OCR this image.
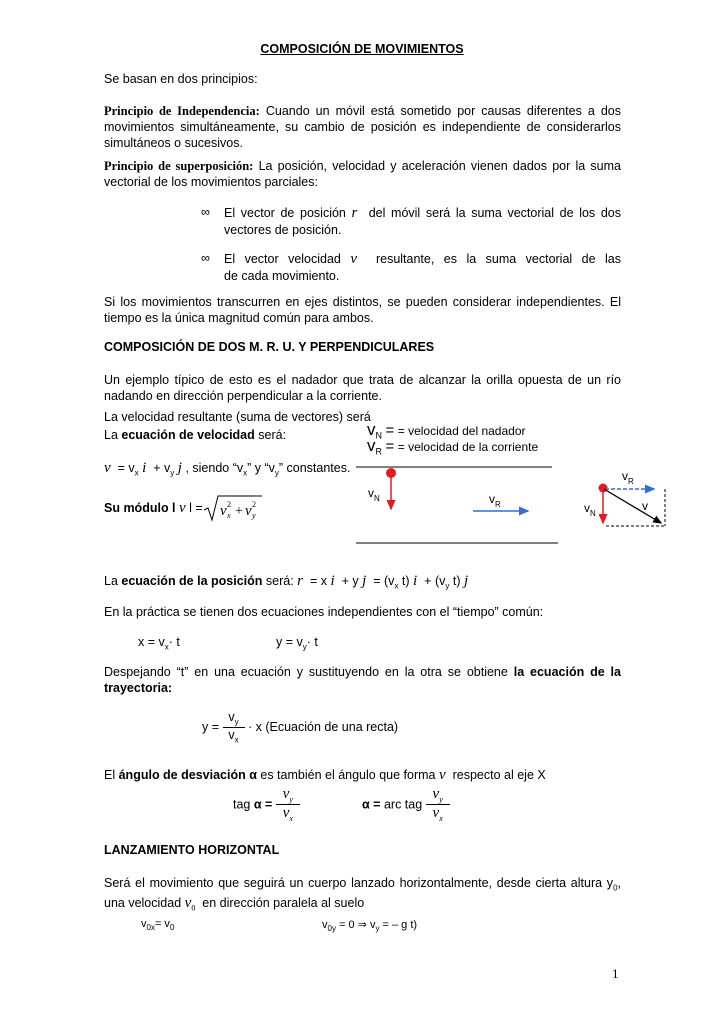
COMPOSICIÓN DE MOVIMIENTOS
Se basan en dos principios:
Principio de Independencia: Cuando un móvil está sometido por causas diferentes a dos
movimientos simultáneamente, su cambio de posición es independiente de considerarlos
simultáneos o sucesivos.
Principio de superposición: La posición, velocidad y aceleración vienen dados por la suma
vectorial de los movimientos parciales:
∞ El vector de posición r del móvil será la suma vectorial de los dos
vectores de posición.
∞ El vector velocidad v resultante, es la suma vectorial de las
de cada movimiento.
Si los movimientos transcurren en ejes distintos, se pueden considerar independientes. El
tiempo es la única magnitud común para ambos.
COMPOSICIÓN DE DOS M. R. U. Y PERPENDICULARES
Un ejemplo típico de esto es el nadador que trata de alcanzar la orilla opuesta de un río
nadando en dirección perpendicular a la corriente.
La velocidad resultante (suma de vectores) será
$v_N$ = = velocidad del nadador
$v_R$ = = velocidad de la corriente
La ecuación de velocidad será:
$v = v_x$ $i + v_y$ j , siendo “$v_x$” y “$v_y$” constantes.
Su módulo l v l = v 2
x + v 2
y
$v_N$	$v_R$
$v_R$
$v_N$
v
La ecuación de la posición será: r = x i + y $j = (v_x$ t) $i + (v_y$ t) j
En la práctica se tienen dos ecuaciones independientes con el “tiempo” común:
$x = v_x\cdot t$	$y = v_y\cdot t$
Despejando “t” en una ecuación y sustituyendo en la otra se obtiene la ecuación de la
trayectoria:
$y = \frac{v_y}{v_x} \cdot x$ (Ecuación de una recta)
El ángulo de desviación α es también el ángulo que forma v respecto al eje X
tag $\alpha = \frac{v_y}{v_x}$	α = arc tag $\frac{v_y}{v_x}$
LANZAMIENTO HORIZONTAL
Será el movimiento que seguirá un cuerpo lanzado horizontalmente, desde cierta altura $y_0$,
una velocidad $v_0$ en dirección paralela al suelo
$v_{0x}= v_0$	$v_{0y} = 0$ ⇒ $v_y$ = – g t)
1
